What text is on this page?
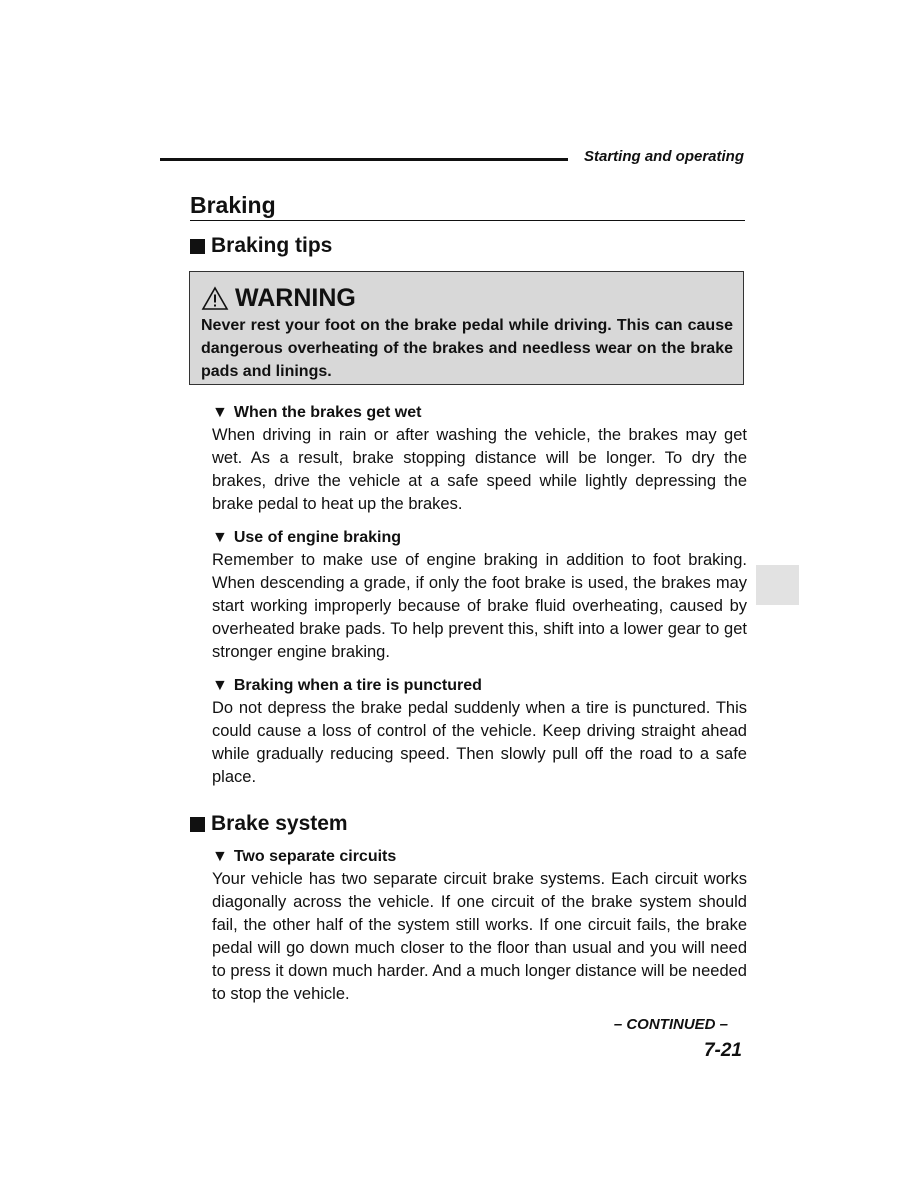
Starting and operating
Braking
Braking tips
WARNING
Never rest your foot on the brake pedal while driving. This can cause dangerous overheating of the brakes and needless wear on the brake pads and linings.
▼ When the brakes get wet
When driving in rain or after washing the vehicle, the brakes may get wet. As a result, brake stopping distance will be longer. To dry the brakes, drive the vehicle at a safe speed while lightly depressing the brake pedal to heat up the brakes.
▼ Use of engine braking
Remember to make use of engine braking in addition to foot braking. When descending a grade, if only the foot brake is used, the brakes may start working improperly because of brake fluid overheating, caused by overheated brake pads. To help prevent this, shift into a lower gear to get stronger engine braking.
▼ Braking when a tire is punctured
Do not depress the brake pedal suddenly when a tire is punctured. This could cause a loss of control of the vehicle. Keep driving straight ahead while gradually reducing speed. Then slowly pull off the road to a safe place.
Brake system
▼ Two separate circuits
Your vehicle has two separate circuit brake systems. Each circuit works diagonally across the vehicle. If one circuit of the brake system should fail, the other half of the system still works. If one circuit fails, the brake pedal will go down much closer to the floor than usual and you will need to press it down much harder. And a much longer distance will be needed to stop the vehicle.
– CONTINUED –
7-21
